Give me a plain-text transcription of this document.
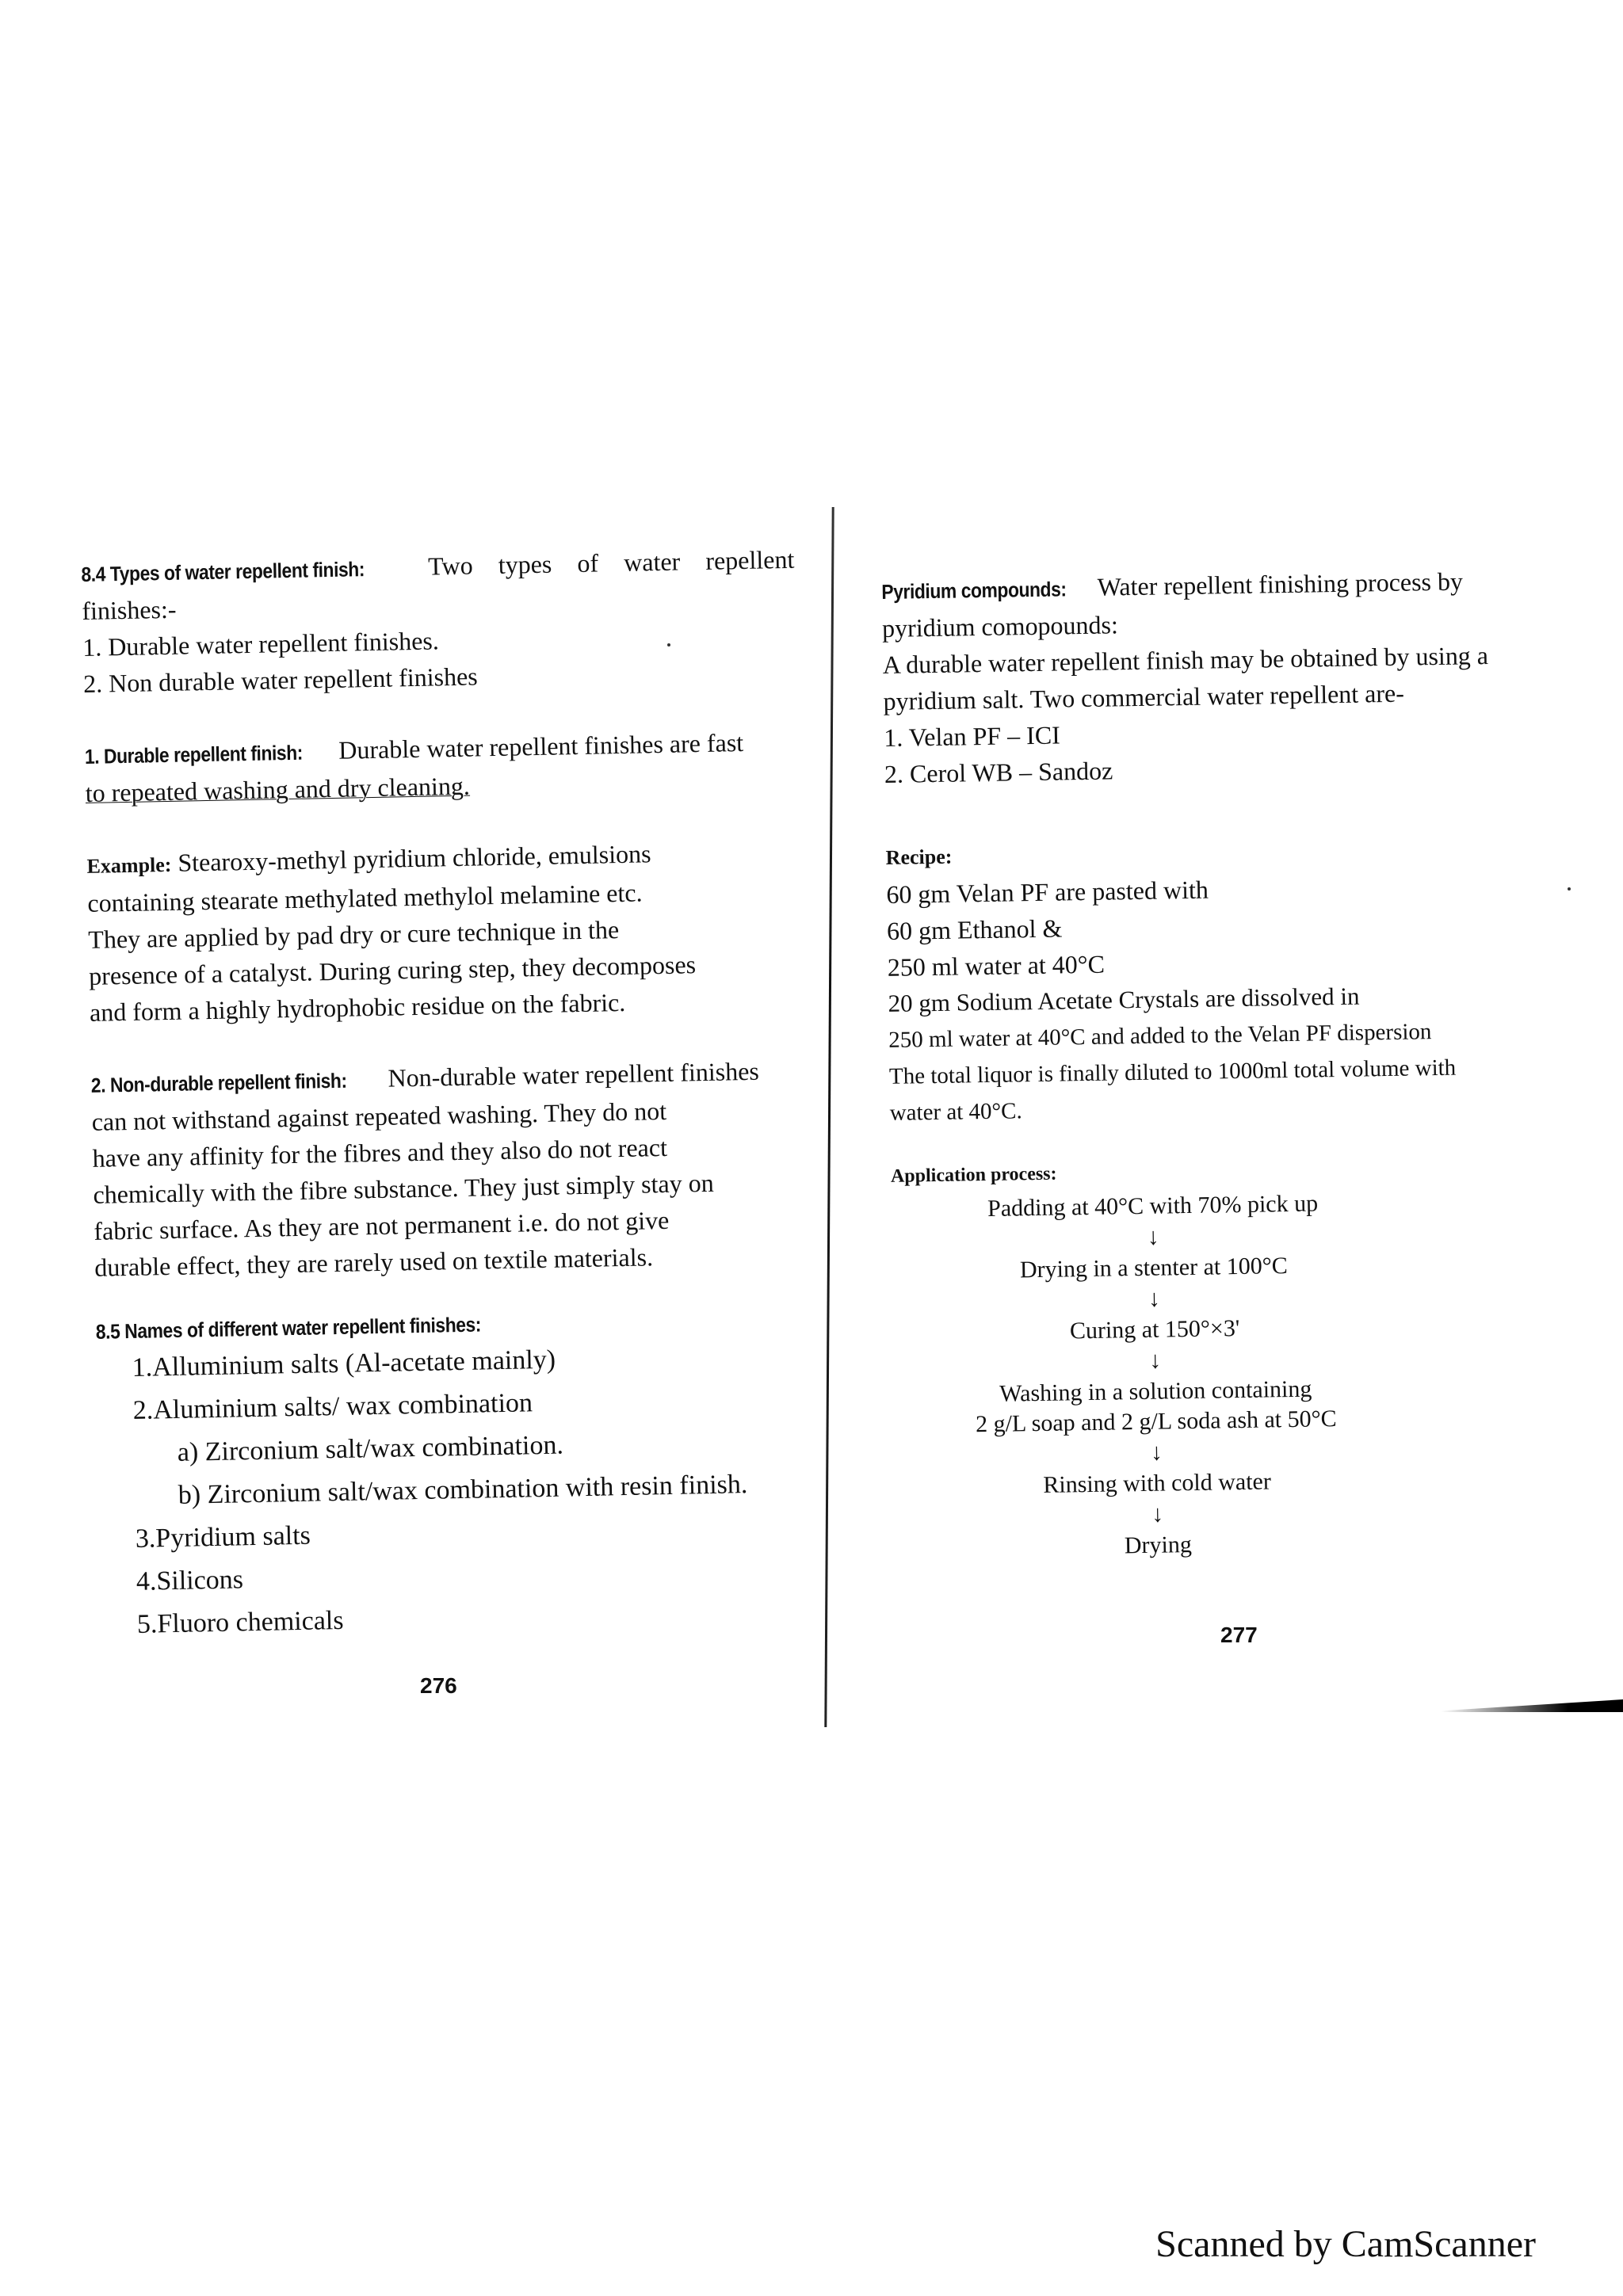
8.4 Types of water repellent finish: Two types of water repellent finishes:-
1. Durable water repellent finishes.
2. Non durable water repellent finishes

1. Durable repellent finish: Durable water repellent finishes are fast
to repeated washing and dry cleaning.

Example: Stearoxy-methyl pyridium chloride, emulsions
containing stearate methylated methylol melamine etc.
They are applied by pad dry or cure technique in the
presence of a catalyst. During curing step, they decomposes
and form a highly hydrophobic residue on the fabric.

2. Non-durable repellent finish: Non-durable water repellent finishes
can not withstand against repeated washing. They do not
have any affinity for the fibres and they also do not react
chemically with the fibre substance. They just simply stay on
fabric surface. As they are not permanent i.e. do not give
durable effect, they are rarely used on textile materials.

8.5 Names of different water repellent finishes:
1.Alluminium salts (Al-acetate mainly)
2.Aluminium salts/ wax combination
a) Zirconium salt/wax combination.
b) Zirconium salt/wax combination with resin finish.
3.Pyridium salts
4.Silicons
5.Fluoro chemicals
276

Pyridium compounds: Water repellent finishing process by
pyridium comopounds:
A durable water repellent finish may be obtained by using a
pyridium salt. Two commercial water repellent are-
1. Velan PF – ICI
2. Cerol WB – Sandoz

Recipe:
60 gm Velan PF are pasted with
60 gm Ethanol &
250 ml water at 40°C
20 gm Sodium Acetate Crystals are dissolved in
250 ml water at 40°C and added to the Velan PF dispersion
The total liquor is finally diluted to 1000ml total volume with
water at 40°C.

Application process:
Padding at 40°C with 70% pick up
↓
Drying in a stenter at 100°C
↓
Curing at 150°×3'
↓
Washing in a solution containing
2 g/L soap and 2 g/L soda ash at 50°C
↓
Rinsing with cold water
↓
Drying
277
Scanned by CamScanner
